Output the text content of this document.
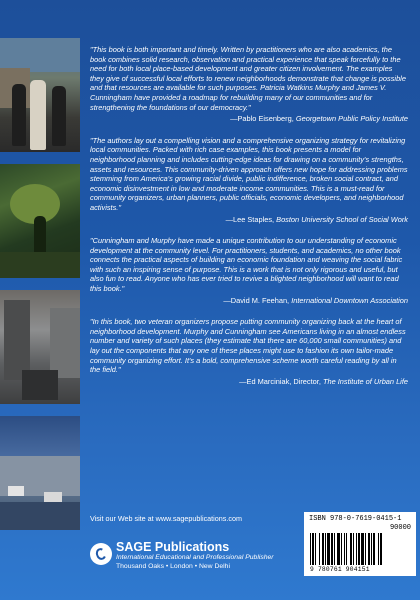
"This book is both important and timely. Written by practitioners who are also academics, the book combines solid research, observation and practical experience that speak forcefully to the need for both local place-based development and greater citizen involvement. The examples they give of successful local efforts to renew neighborhoods demonstrate that change is possible and that resources are available for such purposes. Patricia Watkins Murphy and James V. Cunningham have provided a roadmap for rebuilding many of our communities and for strengthening the foundations of our democracy."

—Pablo Eisenberg, Georgetown Public Policy Institute

"The authors lay out a compelling vision and a comprehensive organizing strategy for revitalizing local communities. Packed with rich case examples, this book presents a model for neighborhood planning and includes cutting-edge ideas for drawing on a community's strengths, assets and resources. This community-driven approach offers new hope for addressing problems stemming from America's growing racial divide, public indifference, broken social contract, and economic disinvestment in low and moderate income communities. This is a must-read for community organizers, urban planners, public officials, economic developers, and neighborhood activists."

—Lee Staples, Boston University School of Social Work

"Cunningham and Murphy have made a unique contribution to our understanding of economic development at the community level. For practitioners, students, and academics, no other book connects the practical aspects of building an economic foundation and weaving the social fabric with such an inspiring sense of purpose. This is a work that is not only rigorous and useful, but also fun to read. Anyone who has ever tried to revive a blighted neighborhood will want to read this book."

—David M. Feehan, International Downtown Association

"In this book, two veteran organizers propose putting community organizing back at the heart of neighborhood development. Murphy and Cunningham see Americans living in an almost endless number and variety of such places (they estimate that there are 60,000 small communities) and lay out the components that any one of these places might use to fashion its own tailor-made community organizing effort. It's a bold, comprehensive scheme worth careful reading by all in the field."

—Ed Marciniak, Director, The Institute of Urban Life

Visit our Web site at www.sagepublications.com
SAGE Publications
International Educational and Professional Publisher
Thousand Oaks • London • New Delhi
ISBN 978-0-7619-0415-1
90000
9 780761 904151
